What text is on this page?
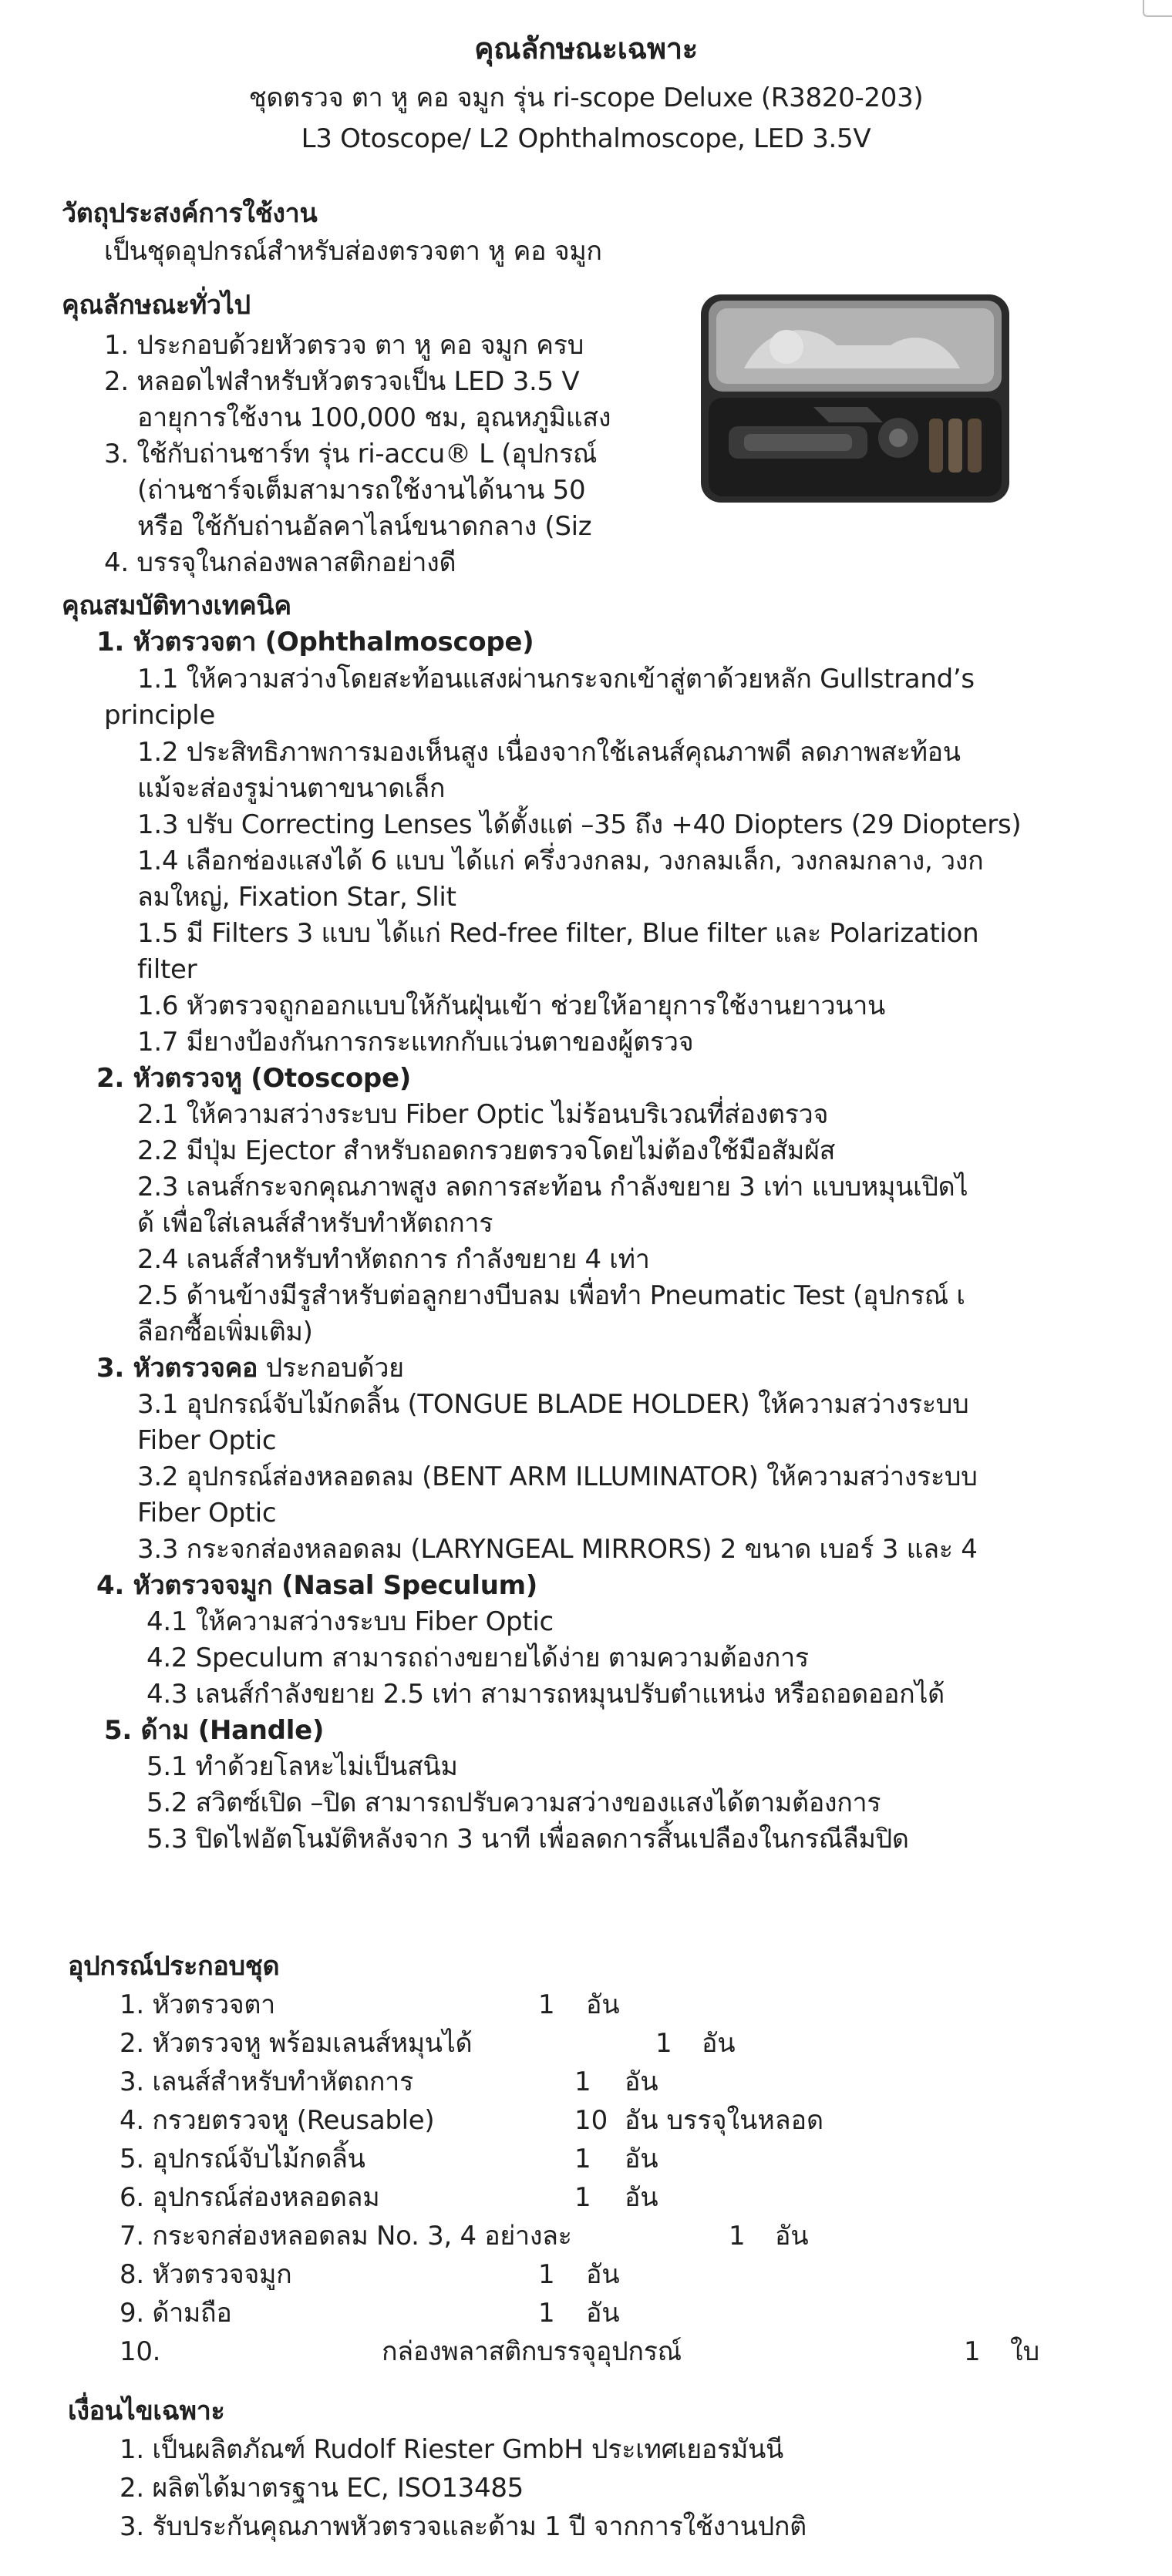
คุณลักษณะเฉพาะ
ชุดตรวจ ตา หู คอ จมูก รุ่น ri-scope Deluxe (R3820-203)
L3 Otoscope/ L2 Ophthalmoscope, LED 3.5V
วัตถุประสงค์การใช้งาน
เป็นชุดอุปกรณ์สำหรับส่องตรวจตา หู คอ จมูก
คุณลักษณะทั่วไป
1. ประกอบด้วยหัวตรวจ ตา หู คอ จมูก ครบ
2. หลอดไฟสำหรับหัวตรวจเป็น LED 3.5 V
อายุการใช้งาน 100,000 ชม, อุณหภูมิแสง
3. ใช้กับถ่านชาร์ท รุ่น ri-accu® L (อุปกรณ์
(ถ่านชาร์จเต็มสามารถใช้งานได้นาน 50
หรือ ใช้กับถ่านอัลคาไลน์ขนาดกลาง (Siz
4. บรรจุในกล่องพลาสติกอย่างดี
คุณสมบัติทางเทคนิค
1. หัวตรวจตา (Ophthalmoscope)
1.1 ให้ความสว่างโดยสะท้อนแสงผ่านกระจกเข้าสู่ตาด้วยหลัก Gullstrand’s
principle
1.2 ประสิทธิภาพการมองเห็นสูง เนื่องจากใช้เลนส์คุณภาพดี ลดภาพสะท้อน
แม้จะส่องรูม่านตาขนาดเล็ก
1.3 ปรับ Correcting Lenses ได้ตั้งแต่ –35 ถึง +40 Diopters (29 Diopters)
1.4 เลือกช่องแสงได้ 6 แบบ ได้แก่ ครึ่งวงกลม, วงกลมเล็ก, วงกลมกลาง, วงก
ลมใหญ่, Fixation Star, Slit
1.5 มี Filters 3 แบบ ได้แก่ Red-free filter, Blue filter และ Polarization
filter
1.6 หัวตรวจถูกออกแบบให้กันฝุ่นเข้า ช่วยให้อายุการใช้งานยาวนาน
1.7 มียางป้องกันการกระแทกกับแว่นตาของผู้ตรวจ
2. หัวตรวจหู (Otoscope)
2.1 ให้ความสว่างระบบ Fiber Optic ไม่ร้อนบริเวณที่ส่องตรวจ
2.2 มีปุ่ม Ejector สำหรับถอดกรวยตรวจโดยไม่ต้องใช้มือสัมผัส
2.3 เลนส์กระจกคุณภาพสูง ลดการสะท้อน กำลังขยาย 3 เท่า แบบหมุนเปิดไ
ด้ เพื่อใส่เลนส์สำหรับทำหัตถการ
2.4 เลนส์สำหรับทำหัตถการ กำลังขยาย 4 เท่า
2.5 ด้านข้างมีรูสำหรับต่อลูกยางบีบลม เพื่อทำ Pneumatic Test (อุปกรณ์ เ
ลือกซื้อเพิ่มเติม)
3. หัวตรวจคอ ประกอบด้วย
3.1 อุปกรณ์จับไม้กดลิ้น (TONGUE BLADE HOLDER) ให้ความสว่างระบบ
Fiber Optic
3.2 อุปกรณ์ส่องหลอดลม (BENT ARM ILLUMINATOR) ให้ความสว่างระบบ
Fiber Optic
3.3 กระจกส่องหลอดลม (LARYNGEAL MIRRORS) 2 ขนาด เบอร์ 3 และ 4
4. หัวตรวจจมูก (Nasal Speculum)
4.1 ให้ความสว่างระบบ Fiber Optic
4.2 Speculum สามารถถ่างขยายได้ง่าย ตามความต้องการ
4.3 เลนส์กำลังขยาย 2.5 เท่า สามารถหมุนปรับตำแหน่ง หรือถอดออกได้
5. ด้าม (Handle)
5.1 ทำด้วยโลหะไม่เป็นสนิม
5.2 สวิตซ์เปิด –ปิด สามารถปรับความสว่างของแสงได้ตามต้องการ
5.3 ปิดไฟอัตโนมัติหลังจาก 3 นาที เพื่อลดการสิ้นเปลืองในกรณีลืมปิด
อุปกรณ์ประกอบชุด
1. หัวตรวจตา	1 อัน
2. หัวตรวจหู พร้อมเลนส์หมุนได้	1 อัน
3. เลนส์สำหรับทำหัตถการ	1 อัน
4. กรวยตรวจหู (Reusable)	10 อัน บรรจุในหลอด
5. อุปกรณ์จับไม้กดลิ้น	1 อัน
6. อุปกรณ์ส่องหลอดลม	1 อัน
7. กระจกส่องหลอดลม No. 3, 4 อย่างละ	1 อัน
8. หัวตรวจจมูก	1 อัน
9. ด้ามถือ	1 อัน
10.	กล่องพลาสติกบรรจุอุปกรณ์	1 ใบ
เงื่อนไขเฉพาะ
1. เป็นผลิตภัณฑ์ Rudolf Riester GmbH ประเทศเยอรมันนี
2. ผลิตได้มาตรฐาน EC, ISO13485
3. รับประกันคุณภาพหัวตรวจและด้าม 1 ปี จากการใช้งานปกติ
